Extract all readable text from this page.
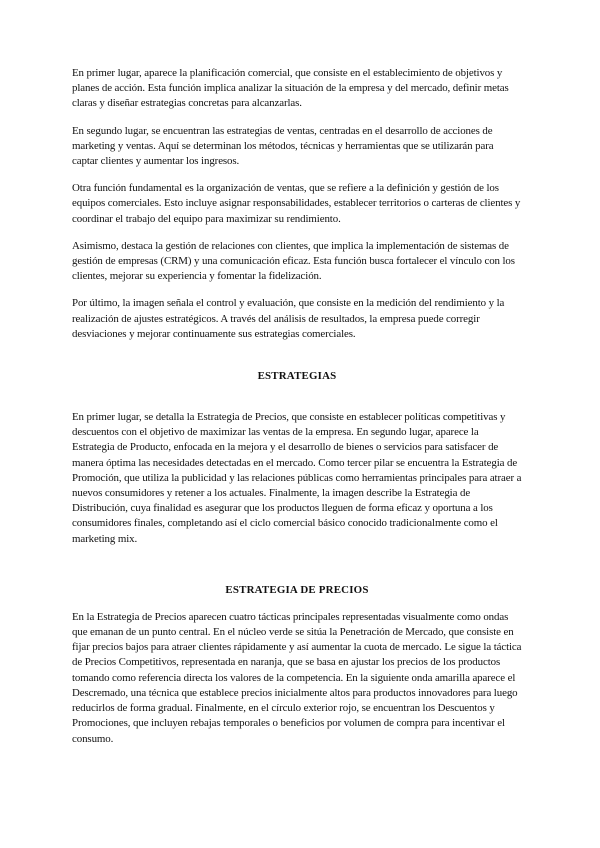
En primer lugar, aparece la planificación comercial, que consiste en el establecimiento de objetivos y planes de acción. Esta función implica analizar la situación de la empresa y del mercado, definir metas claras y diseñar estrategias concretas para alcanzarlas.

En segundo lugar, se encuentran las estrategias de ventas, centradas en el desarrollo de acciones de marketing y ventas. Aquí se determinan los métodos, técnicas y herramientas que se utilizarán para captar clientes y aumentar los ingresos.

Otra función fundamental es la organización de ventas, que se refiere a la definición y gestión de los equipos comerciales. Esto incluye asignar responsabilidades, establecer territorios o carteras de clientes y coordinar el trabajo del equipo para maximizar su rendimiento.

Asimismo, destaca la gestión de relaciones con clientes, que implica la implementación de sistemas de gestión de empresas (CRM) y una comunicación eficaz. Esta función busca fortalecer el vínculo con los clientes, mejorar su experiencia y fomentar la fidelización.

Por último, la imagen señala el control y evaluación, que consiste en la medición del rendimiento y la realización de ajustes estratégicos. A través del análisis de resultados, la empresa puede corregir desviaciones y mejorar continuamente sus estrategias comerciales.

ESTRATEGIAS

En primer lugar, se detalla la Estrategia de Precios, que consiste en establecer políticas competitivas y descuentos con el objetivo de maximizar las ventas de la empresa. En segundo lugar, aparece la Estrategia de Producto, enfocada en la mejora y el desarrollo de bienes o servicios para satisfacer de manera óptima las necesidades detectadas en el mercado. Como tercer pilar se encuentra la Estrategia de Promoción, que utiliza la publicidad y las relaciones públicas como herramientas principales para atraer a nuevos consumidores y retener a los actuales. Finalmente, la imagen describe la Estrategia de Distribución, cuya finalidad es asegurar que los productos lleguen de forma eficaz y oportuna a los consumidores finales, completando así el ciclo comercial básico conocido tradicionalmente como el marketing mix.

ESTRATEGIA DE PRECIOS

En la Estrategia de Precios aparecen cuatro tácticas principales representadas visualmente como ondas que emanan de un punto central. En el núcleo verde se sitúa la Penetración de Mercado, que consiste en fijar precios bajos para atraer clientes rápidamente y así aumentar la cuota de mercado. Le sigue la táctica de Precios Competitivos, representada en naranja, que se basa en ajustar los precios de los productos tomando como referencia directa los valores de la competencia. En la siguiente onda amarilla aparece el Descremado, una técnica que establece precios inicialmente altos para productos innovadores para luego reducirlos de forma gradual. Finalmente, en el círculo exterior rojo, se encuentran los Descuentos y Promociones, que incluyen rebajas temporales o beneficios por volumen de compra para incentivar el consumo.
